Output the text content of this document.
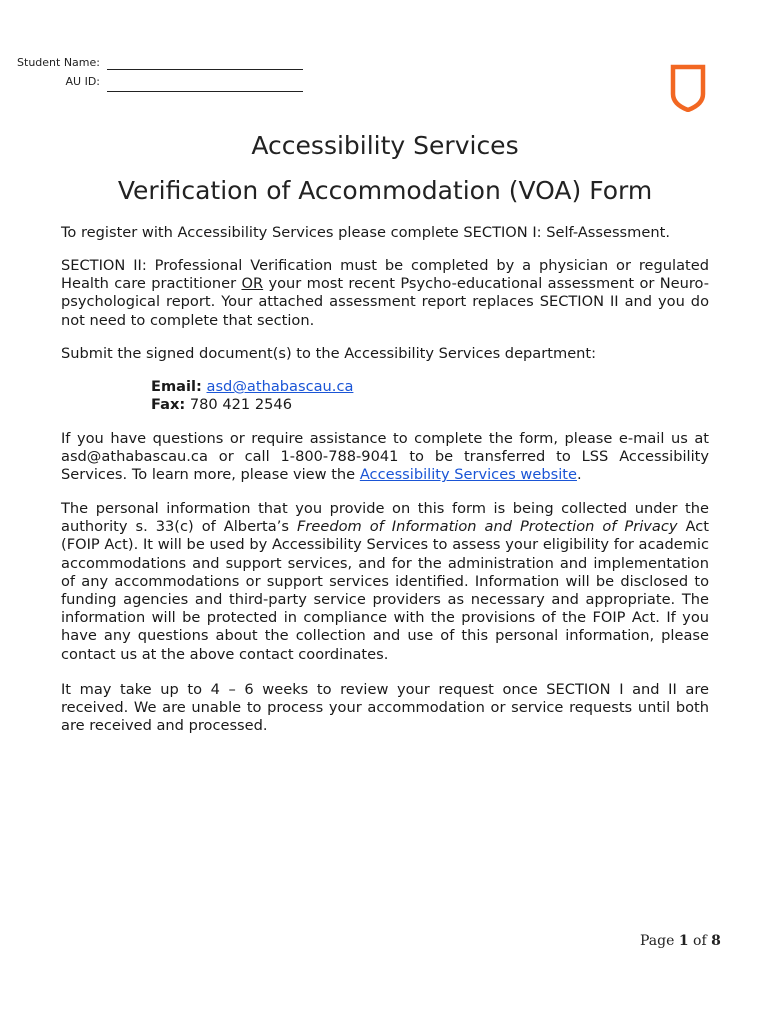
Student Name:
AU ID:
Accessibility Services
Verification of Accommodation (VOA) Form

To register with Accessibility Services please complete SECTION I: Self-Assessment.

SECTION II: Professional Verification must be completed by a physician or regulated Health care practitioner OR your most recent Psycho-educational assessment or Neuro-psychological report. Your attached assessment report replaces SECTION II and you do not need to complete that section.

Submit the signed document(s) to the Accessibility Services department:

Email: asd@athabascau.ca
Fax: 780 421 2546

If you have questions or require assistance to complete the form, please e-mail us at asd@athabascau.ca or call 1-800-788-9041 to be transferred to LSS Accessibility Services. To learn more, please view the Accessibility Services website.

The personal information that you provide on this form is being collected under the authority s. 33(c) of Alberta’s Freedom of Information and Protection of Privacy Act (FOIP Act). It will be used by Accessibility Services to assess your eligibility for academic accommodations and support services, and for the administration and implementation of any accommodations or support services identified. Information will be disclosed to funding agencies and third-party service providers as necessary and appropriate. The information will be protected in compliance with the provisions of the FOIP Act. If you have any questions about the collection and use of this personal information, please contact us at the above contact coordinates.

It may take up to 4 – 6 weeks to review your request once SECTION I and II are received. We are unable to process your accommodation or service requests until both are received and processed.

Page 1 of 8
